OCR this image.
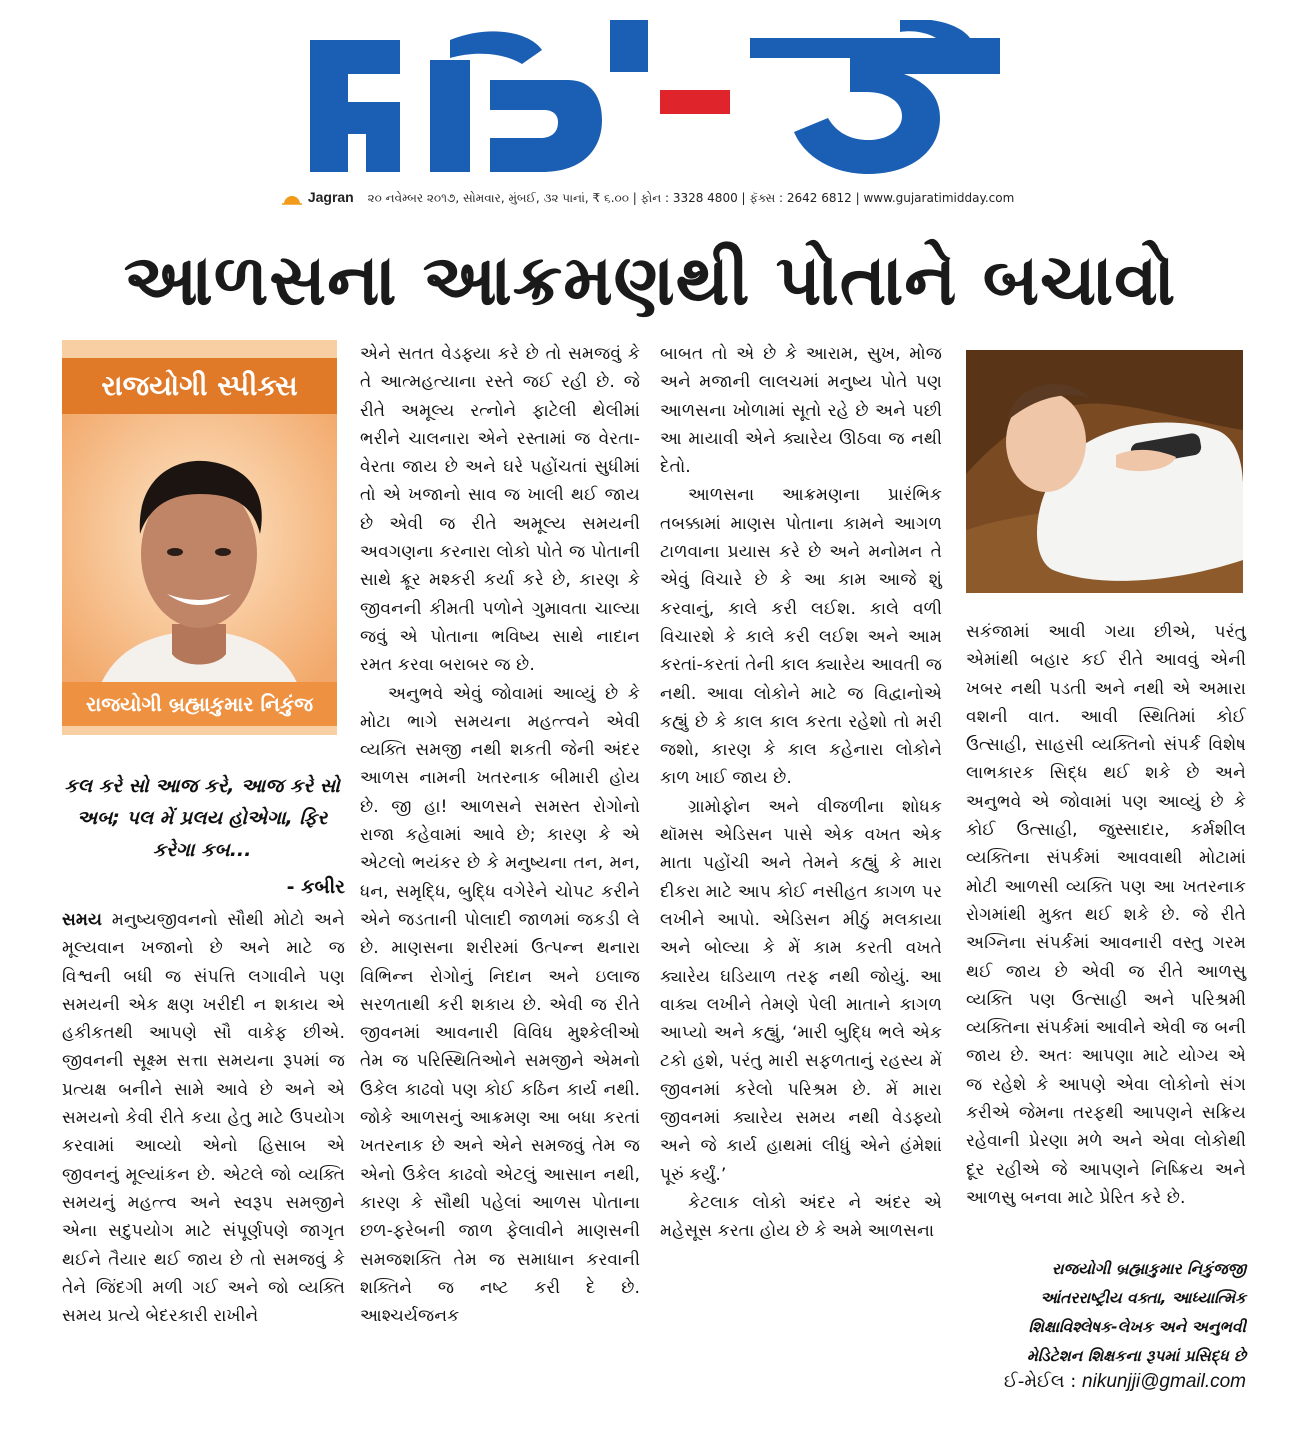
Jagran ૨૦ નવેમ્બર ૨૦૧૭, સોમવાર, મુંબઈ, ૩૨ પાનાં, ₹ ૬.૦૦ | ફોન : 3328 4800 | ફૅક્સ : 2642 6812 | www.gujaratimidday.com
આળસના આક્રમણથી પોતાને બચાવો
રાજયોગી સ્પીક્સ
રાજયોગી બ્રહ્માકુમાર નિકુંજ
કલ કરે સો આજ કરે, આજ કરે સો અબ; પલ મેં પ્રલય હોએગા, ફિર કરેગા કબ...
- કબીર

સમય મનુષ્યજીવનનો સૌથી મોટો અને મૂલ્યવાન ખજાનો છે અને માટે જ વિશ્વની બધી જ સંપત્તિ લગાવીને પણ સમયની એક ક્ષણ ખરીદી ન શકાય એ હકીકતથી આપણે સૌ વાકેફ છીએ. જીવનની સૂક્ષ્મ સત્તા સમયના રૂપમાં જ પ્રત્યક્ષ બનીને સામે આવે છે અને એ સમયનો કેવી રીતે કયા હેતુ માટે ઉપયોગ કરવામાં આવ્યો એનો હિસાબ એ જીવનનું મૂલ્યાંકન છે. એટલે જો વ્યક્તિ સમયનું મહત્ત્વ અને સ્વરૂપ સમજીને એના સદુપયોગ માટે સંપૂર્ણપણે જાગૃત થઈને તૈયાર થઈ જાય છે તો સમજવું કે તેને જિંદગી મળી ગઈ અને જો વ્યક્તિ સમય પ્રત્યે બેદરકારી રાખીને

એને સતત વેડફ્યા કરે છે તો સમજવું કે તે આત્મહત્યાના રસ્તે જઈ રહી છે. જે રીતે અમૂલ્ય રત્નોને ફાટેલી થેલીમાં ભરીને ચાલનારા એને રસ્તામાં જ વેરતા-વેરતા જાય છે અને ઘરે પહોંચતાં સુધીમાં તો એ ખજાનો સાવ જ ખાલી થઈ જાય છે એવી જ રીતે અમૂલ્ય સમયની અવગણના કરનારા લોકો પોતે જ પોતાની સાથે ક્રૂર મશ્કરી કર્યા કરે છે, કારણ કે જીવનની કીમતી પળોને ગુમાવતા ચાલ્યા જવું એ પોતાના ભવિષ્ય સાથે નાદાન રમત કરવા બરાબર જ છે.

અનુભવે એવું જોવામાં આવ્યું છે કે મોટા ભાગે સમયના મહત્ત્વને એવી વ્યક્તિ સમજી નથી શકતી જેની અંદર આળસ નામની ખતરનાક બીમારી હોય છે. જી હા! આળસને સમસ્ત રોગોનો રાજા કહેવામાં આવે છે; કારણ કે એ એટલો ભયંકર છે કે મનુષ્યના તન, મન, ધન, સમૃદ્ધિ, બુદ્ધિ વગેરેને ચોપટ કરીને એને જડતાની પોલાદી જાળમાં જકડી લે છે. માણસના શરીરમાં ઉત્પન્ન થનારા વિભિન્ન રોગોનું નિદાન અને ઇલાજ સરળતાથી કરી શકાય છે. એવી જ રીતે જીવનમાં આવનારી વિવિધ મુશ્કેલીઓ તેમ જ પરિસ્થિતિઓને સમજીને એમનો ઉકેલ કાઢવો પણ કોઈ કઠિન કાર્ય નથી. જોકે આળસનું આક્રમણ આ બધા કરતાં ખતરનાક છે અને એને સમજવું તેમ જ એનો ઉકેલ કાઢવો એટલું આસાન નથી, કારણ કે સૌથી પહેલાં આળસ પોતાના છળ-ફરેબની જાળ ફેલાવીને માણસની સમજશક્તિ તેમ જ સમાધાન કરવાની શક્તિને જ નષ્ટ કરી દે છે. આશ્ચર્યજનક

બાબત તો એ છે કે આરામ, સુખ, મોજ અને મજાની લાલચમાં મનુષ્ય પોતે પણ આળસના ખોળામાં સૂતો રહે છે અને પછી આ માયાવી એને ક્યારેય ઊઠવા જ નથી દેતો.

આળસના આક્રમણના પ્રારંભિક તબક્કામાં માણસ પોતાના કામને આગળ ટાળવાના પ્રયાસ કરે છે અને મનોમન તે એવું વિચારે છે કે આ કામ આજે શું કરવાનું, કાલે કરી લઈશ. કાલે વળી વિચારશે કે કાલે કરી લઈશ અને આમ કરતાં-કરતાં તેની કાલ ક્યારેય આવતી જ નથી. આવા લોકોને માટે જ વિદ્વાનોએ કહ્યું છે કે કાલ કાલ કરતા રહેશો તો મરી જશો, કારણ કે કાલ કહેનારા લોકોને કાળ ખાઈ જાય છે.

ગ્રામોફોન અને વીજળીના શોધક થૉમસ એડિસન પાસે એક વખત એક માતા પહોંચી અને તેમને કહ્યું કે મારા દીકરા માટે આપ કોઈ નસીહત કાગળ પર લખીને આપો. એડિસન મીઠું મલકાયા અને બોલ્યા કે મેં કામ કરતી વખતે ક્યારેય ઘડિયાળ તરફ નથી જોયું. આ વાક્ય લખીને તેમણે પેલી માતાને કાગળ આપ્યો અને કહ્યું, ‘મારી બુદ્ધિ ભલે એક ટકો હશે, પરંતુ મારી સફળતાનું રહસ્ય મેં જીવનમાં કરેલો પરિશ્રમ છે. મેં મારા જીવનમાં ક્યારેય સમય નથી વેડફ્યો અને જે કાર્ય હાથમાં લીધું એને હંમેશાં પૂરું કર્યું.’

કેટલાક લોકો અંદર ને અંદર એ મહેસૂસ કરતા હોય છે કે અમે આળસના

સકંજામાં આવી ગયા છીએ, પરંતુ એમાંથી બહાર કઈ રીતે આવવું એની ખબર નથી પડતી અને નથી એ અમારા વશની વાત. આવી સ્થિતિમાં કોઈ ઉત્સાહી, સાહસી વ્યક્તિનો સંપર્ક વિશેષ લાભકારક સિદ્ધ થઈ શકે છે અને અનુભવે એ જોવામાં પણ આવ્યું છે કે કોઈ ઉત્સાહી, જુસ્સાદાર, કર્મશીલ વ્યક્તિના સંપર્કમાં આવવાથી મોટામાં મોટી આળસી વ્યક્તિ પણ આ ખતરનાક રોગમાંથી મુક્ત થઈ શકે છે. જે રીતે અગ્નિના સંપર્કમાં આવનારી વસ્તુ ગરમ થઈ જાય છે એવી જ રીતે આળસુ વ્યક્તિ પણ ઉત્સાહી અને પરિશ્રમી વ્યક્તિના સંપર્કમાં આવીને એવી જ બની જાય છે. અતઃ આપણા માટે યોગ્ય એ જ રહેશે કે આપણે એવા લોકોનો સંગ કરીએ જેમના તરફથી આપણને સક્રિય રહેવાની પ્રેરણા મળે અને એવા લોકોથી દૂર રહીએ જે આપણને નિષ્ક્રિય અને આળસુ બનવા માટે પ્રેરિત કરે છે.

રાજયોગી બ્રહ્માકુમાર નિકુંજજી
આંતરરાષ્ટ્રીય વક્તા, આધ્યાત્મિક
શિક્ષાવિશ્લેષક-લેખક અને અનુભવી
મેડિટેશન શિક્ષકના રૂપમાં પ્રસિદ્ધ છે
ઈ-મેઈલ : nikunjji@gmail.com
